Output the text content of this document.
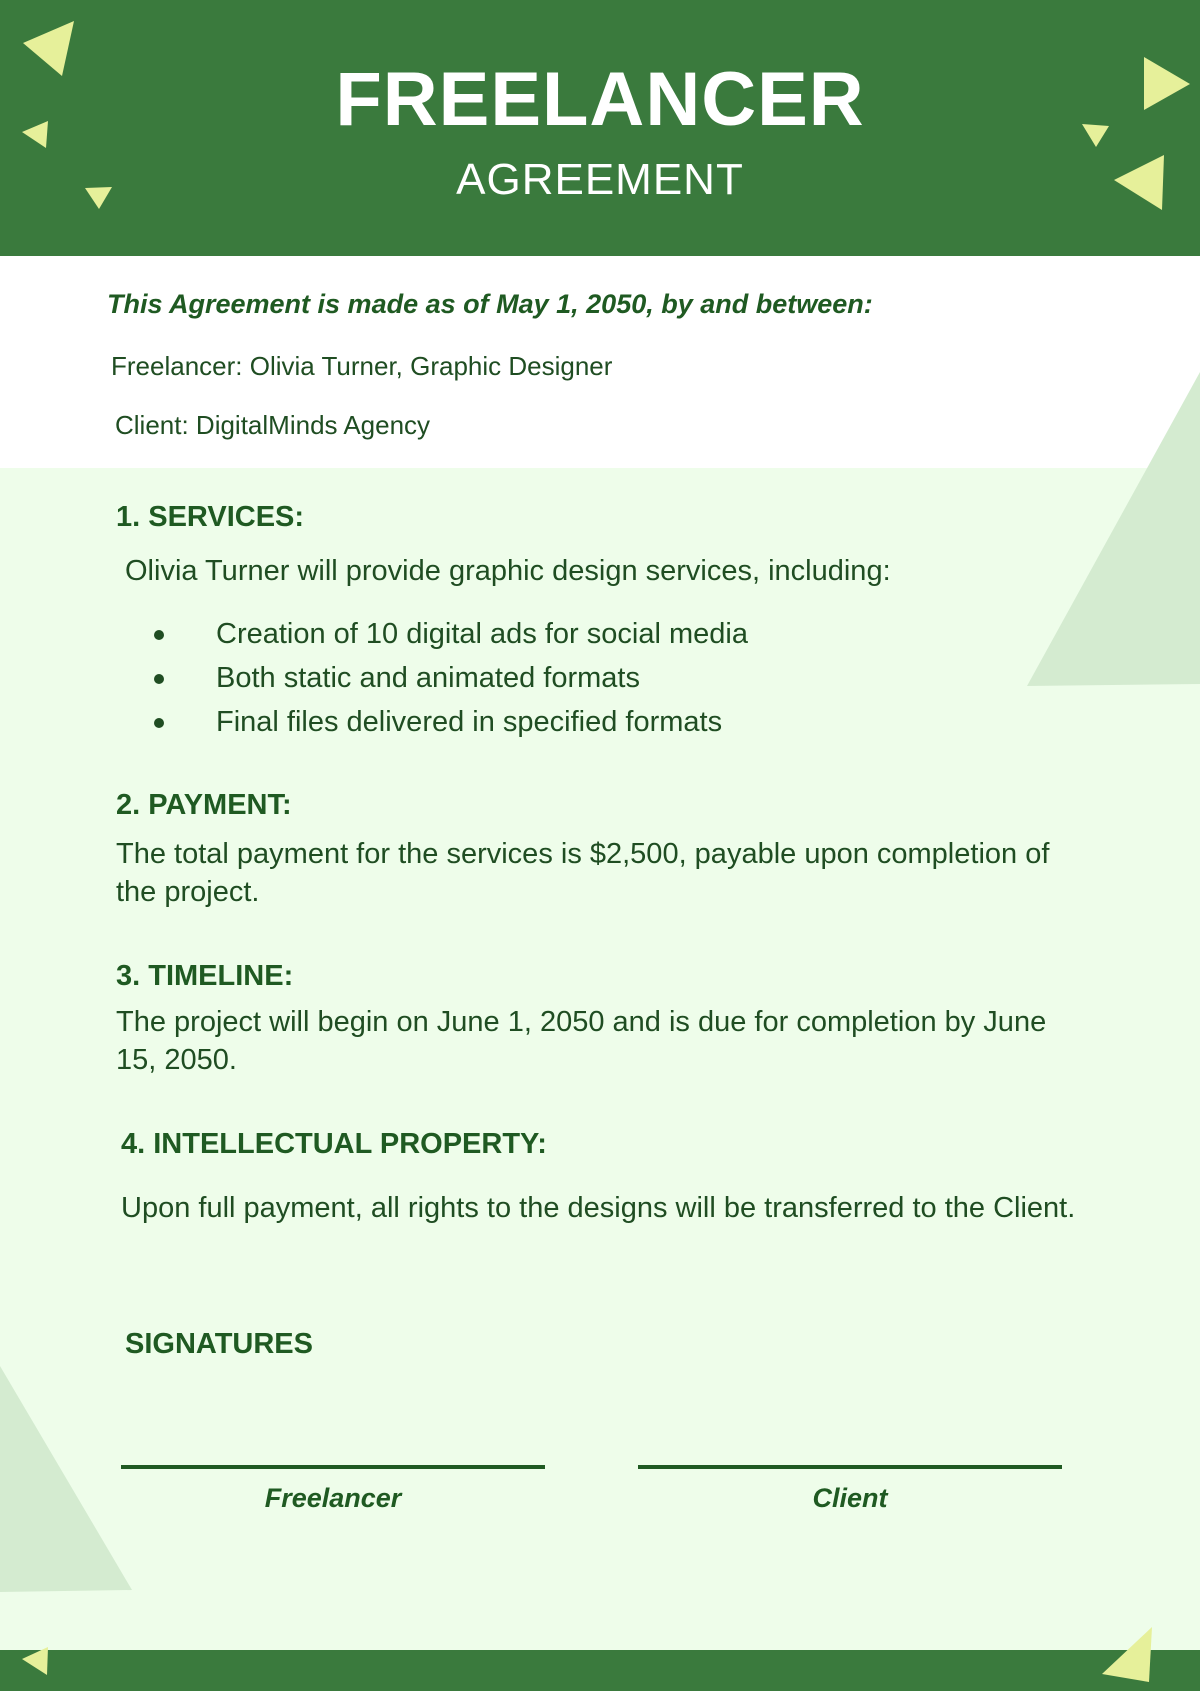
FREELANCER
AGREEMENT

This Agreement is made as of May 1, 2050, by and between:

Freelancer: Olivia Turner, Graphic Designer

Client: DigitalMinds Agency

1. SERVICES:

Olivia Turner will provide graphic design services, including:

Creation of 10 digital ads for social media
Both static and animated formats
Final files delivered in specified formats

2. PAYMENT:

The total payment for the services is $2,500, payable upon completion of the project.

3. TIMELINE:

The project will begin on June 1, 2050 and is due for completion by June 15, 2050.

4. INTELLECTUAL PROPERTY:

Upon full payment, all rights to the designs will be transferred to the Client.

SIGNATURES

Freelancer	Client
